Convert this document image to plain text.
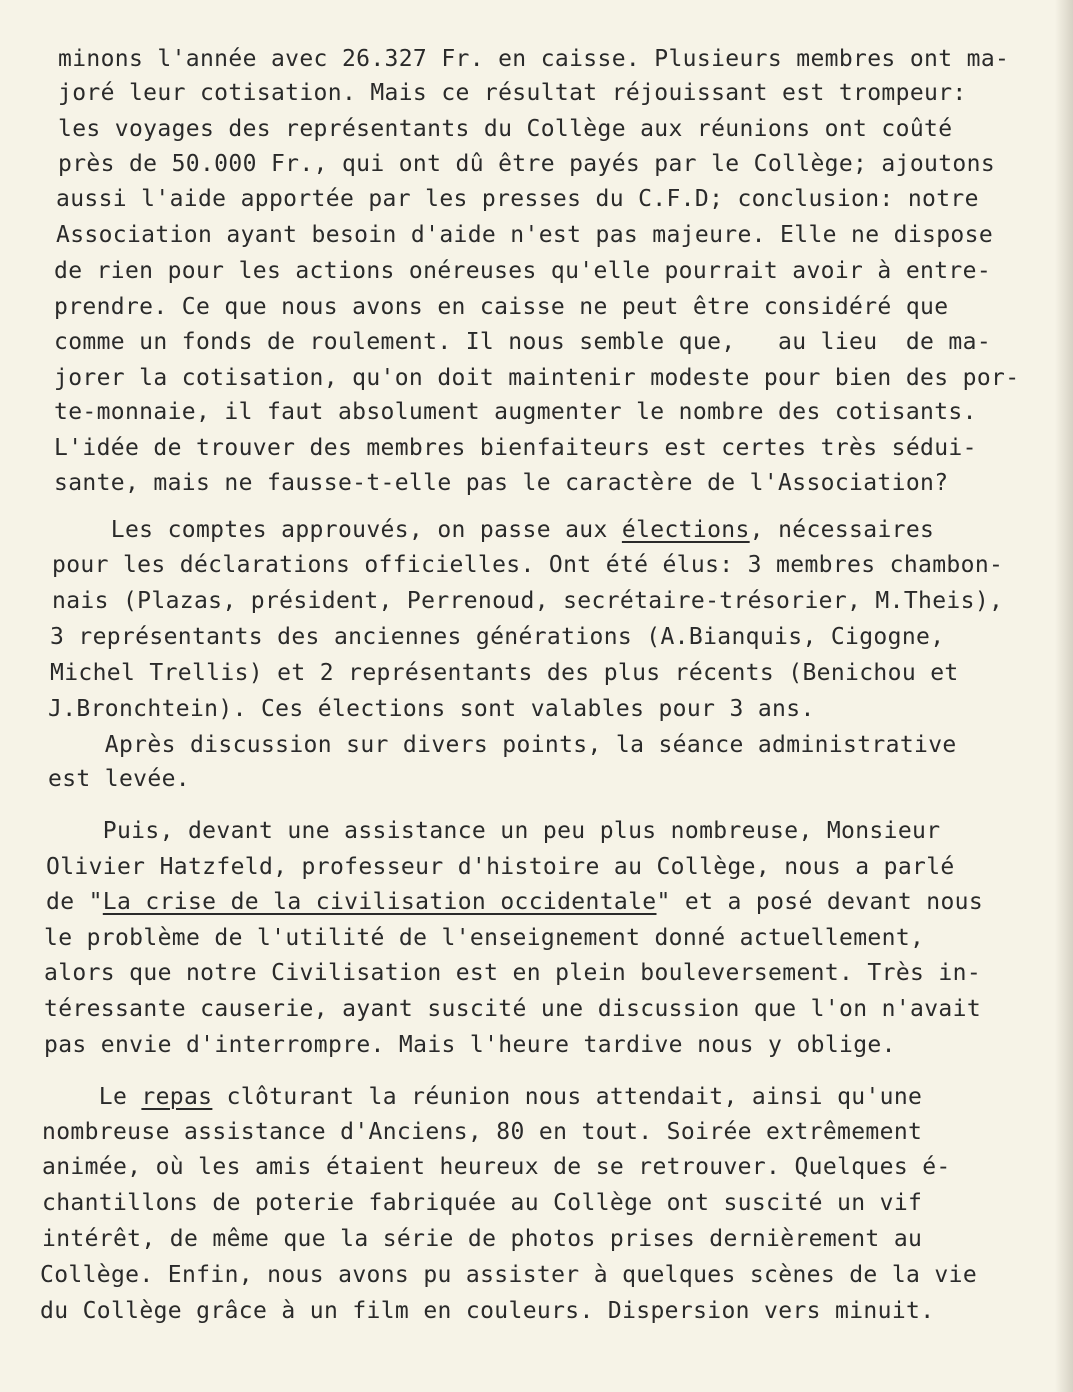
minons l'année avec 26.327 Fr. en caisse. Plusieurs membres ont ma-
joré leur cotisation. Mais ce résultat réjouissant est trompeur:
les voyages des représentants du Collège aux réunions ont coûté
près de 50.000 Fr., qui ont dû être payés par le Collège; ajoutons
aussi l'aide apportée par les presses du C.F.D; conclusion: notre
Association ayant besoin d'aide n'est pas majeure. Elle ne dispose
de rien pour les actions onéreuses qu'elle pourrait avoir à entre-
prendre. Ce que nous avons en caisse ne peut être considéré que
comme un fonds de roulement. Il nous semble que,   au lieu  de ma-
jorer la cotisation, qu'on doit maintenir modeste pour bien des por-
te-monnaie, il faut absolument augmenter le nombre des cotisants.
L'idée de trouver des membres bienfaiteurs est certes très sédui-
sante, mais ne fausse-t-elle pas le caractère de l'Association?
Les comptes approuvés, on passe aux élections, nécessaires
pour les déclarations officielles. Ont été élus: 3 membres chambon-
nais (Plazas, président, Perrenoud, secrétaire-trésorier, M.Theis),
3 représentants des anciennes générations (A.Bianquis, Cigogne,
Michel Trellis) et 2 représentants des plus récents (Benichou et
J.Bronchtein). Ces élections sont valables pour 3 ans.
Après discussion sur divers points, la séance administrative
est levée.
Puis, devant une assistance un peu plus nombreuse, Monsieur
Olivier Hatzfeld, professeur d'histoire au Collège, nous a parlé
de "La crise de la civilisation occidentale" et a posé devant nous
le problème de l'utilité de l'enseignement donné actuellement,
alors que notre Civilisation est en plein bouleversement. Très in-
téressante causerie, ayant suscité une discussion que l'on n'avait
pas envie d'interrompre. Mais l'heure tardive nous y oblige.
Le repas clôturant la réunion nous attendait, ainsi qu'une
nombreuse assistance d'Anciens, 80 en tout. Soirée extrêmement
animée, où les amis étaient heureux de se retrouver. Quelques é-
chantillons de poterie fabriquée au Collège ont suscité un vif
intérêt, de même que la série de photos prises dernièrement au
Collège. Enfin, nous avons pu assister à quelques scènes de la vie
du Collège grâce à un film en couleurs. Dispersion vers minuit.
